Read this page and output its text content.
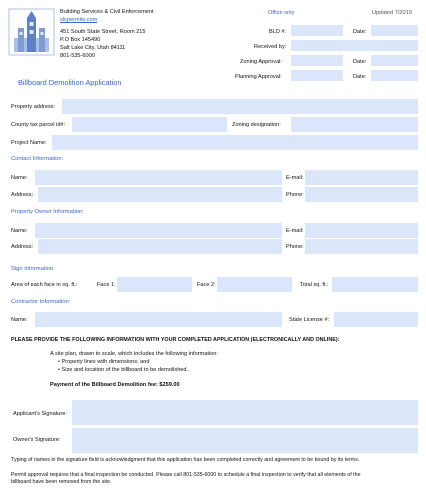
Building Services & Civil Enforcement
slcpermits.com
451 South State Street, Room 215
P.O Box 145490
Salt Lake City, Utah 84111
801-535-6000
Billboard Demolition Application
Office only	Updated 7/2019
BLD #:	Date:
Received by:
Zoning Approval:	Date:
Planning Approval:	Date:
Property address:
County tax parcel id#:	Zoning designation:
Project Name:
Contact Information:
Name:	E-mail:
Address:	Phone:
Property Owner Information:
Name:	E-mail:
Address:	Phone:
Sign Information:
Area of each face in sq. ft.:	Face 1:	Face 2:	Total sq. ft.:
Contractor Information:
Name:	State License #:
PLEASE PROVIDE THE FOLLOWING INFORMATION WITH YOUR COMPLETED APPLICATION (ELECTRONICALLY AND ONLINE):
A site plan, drawn to scale, which includes the following information:
• Property lines with dimensions; and
• Size and location of the billboard to be demolished.
Payment of the Billboard Demolition fee: $259.00
Applicant's Signature:
Owner's Signature:
Typing of names in the signature field is acknowledgment that this application has been completed correctly and agreement to be bound by its terms.
Permit approval requires that a final inspection be conducted. Please call 801-535-6000 to schedule a final inspection to verify that all elements of the
billboard have been removed from the site.
